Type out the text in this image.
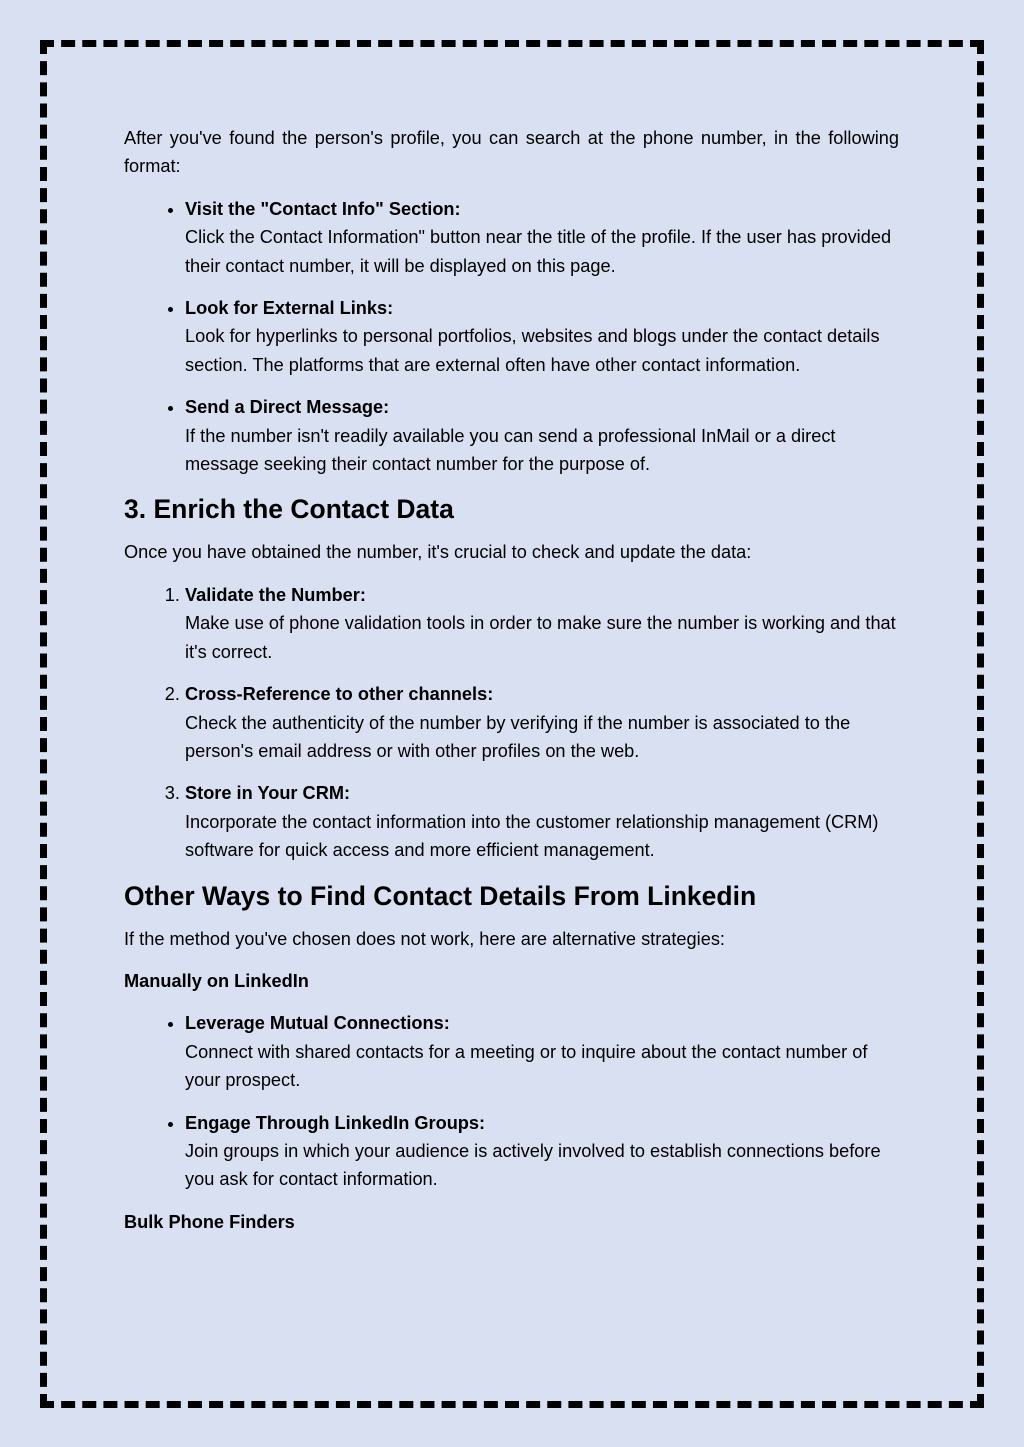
After you've found the person's profile, you can search at the phone number, in the following format:

• Visit the "Contact Info" Section:
Click the Contact Information" button near the title of the profile. If the user has provided their contact number, it will be displayed on this page.
• Look for External Links:
Look for hyperlinks to personal portfolios, websites and blogs under the contact details section. The platforms that are external often have other contact information.
• Send a Direct Message:
If the number isn't readily available you can send a professional InMail or a direct message seeking their contact number for the purpose of.
3. Enrich the Contact Data

Once you have obtained the number, it's crucial to check and update the data:

1. Validate the Number:
Make use of phone validation tools in order to make sure the number is working and that it's correct.
2. Cross-Reference to other channels:
Check the authenticity of the number by verifying if the number is associated to the person's email address or with other profiles on the web.
3. Store in Your CRM:
Incorporate the contact information into the customer relationship management (CRM) software for quick access and more efficient management.
Other Ways to Find Contact Details From Linkedin

If the method you've chosen does not work, here are alternative strategies:

Manually on LinkedIn

• Leverage Mutual Connections:
Connect with shared contacts for a meeting or to inquire about the contact number of your prospect.
• Engage Through LinkedIn Groups:
Join groups in which your audience is actively involved to establish connections before you ask for contact information.

Bulk Phone Finders
